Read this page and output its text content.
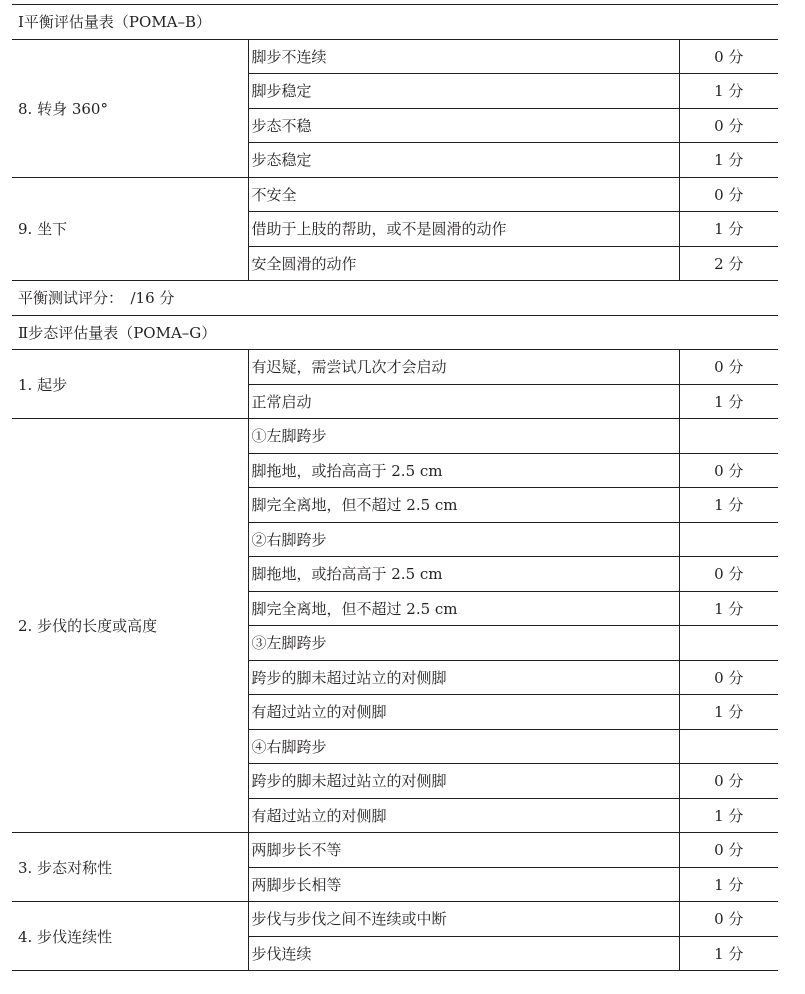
Ⅰ平衡评估量表（POMA–B）		
8. 转身 360°	脚步不连续	0 分
	脚步稳定	1 分
	步态不稳	0 分
	步态稳定	1 分
9. 坐下	不安全	0 分
	借助于上肢的帮助，或不是圆滑的动作	1 分
	安全圆滑的动作	2 分
平衡测试评分：　/16 分		
Ⅱ步态评估量表（POMA–G）		
1. 起步	有迟疑，需尝试几次才会启动	0 分
	正常启动	1 分
2. 步伐的长度或高度	①左脚跨步	
	脚拖地，或抬高高于 2.5 cm	0 分
	脚完全离地，但不超过 2.5 cm	1 分
	②右脚跨步	
	脚拖地，或抬高高于 2.5 cm	0 分
	脚完全离地，但不超过 2.5 cm	1 分
	③左脚跨步	
	跨步的脚未超过站立的对侧脚	0 分
	有超过站立的对侧脚	1 分
	④右脚跨步	
	跨步的脚未超过站立的对侧脚	0 分
	有超过站立的对侧脚	1 分
3. 步态对称性	两脚步长不等	0 分
	两脚步长相等	1 分
4. 步伐连续性	步伐与步伐之间不连续或中断	0 分
	步伐连续	1 分
